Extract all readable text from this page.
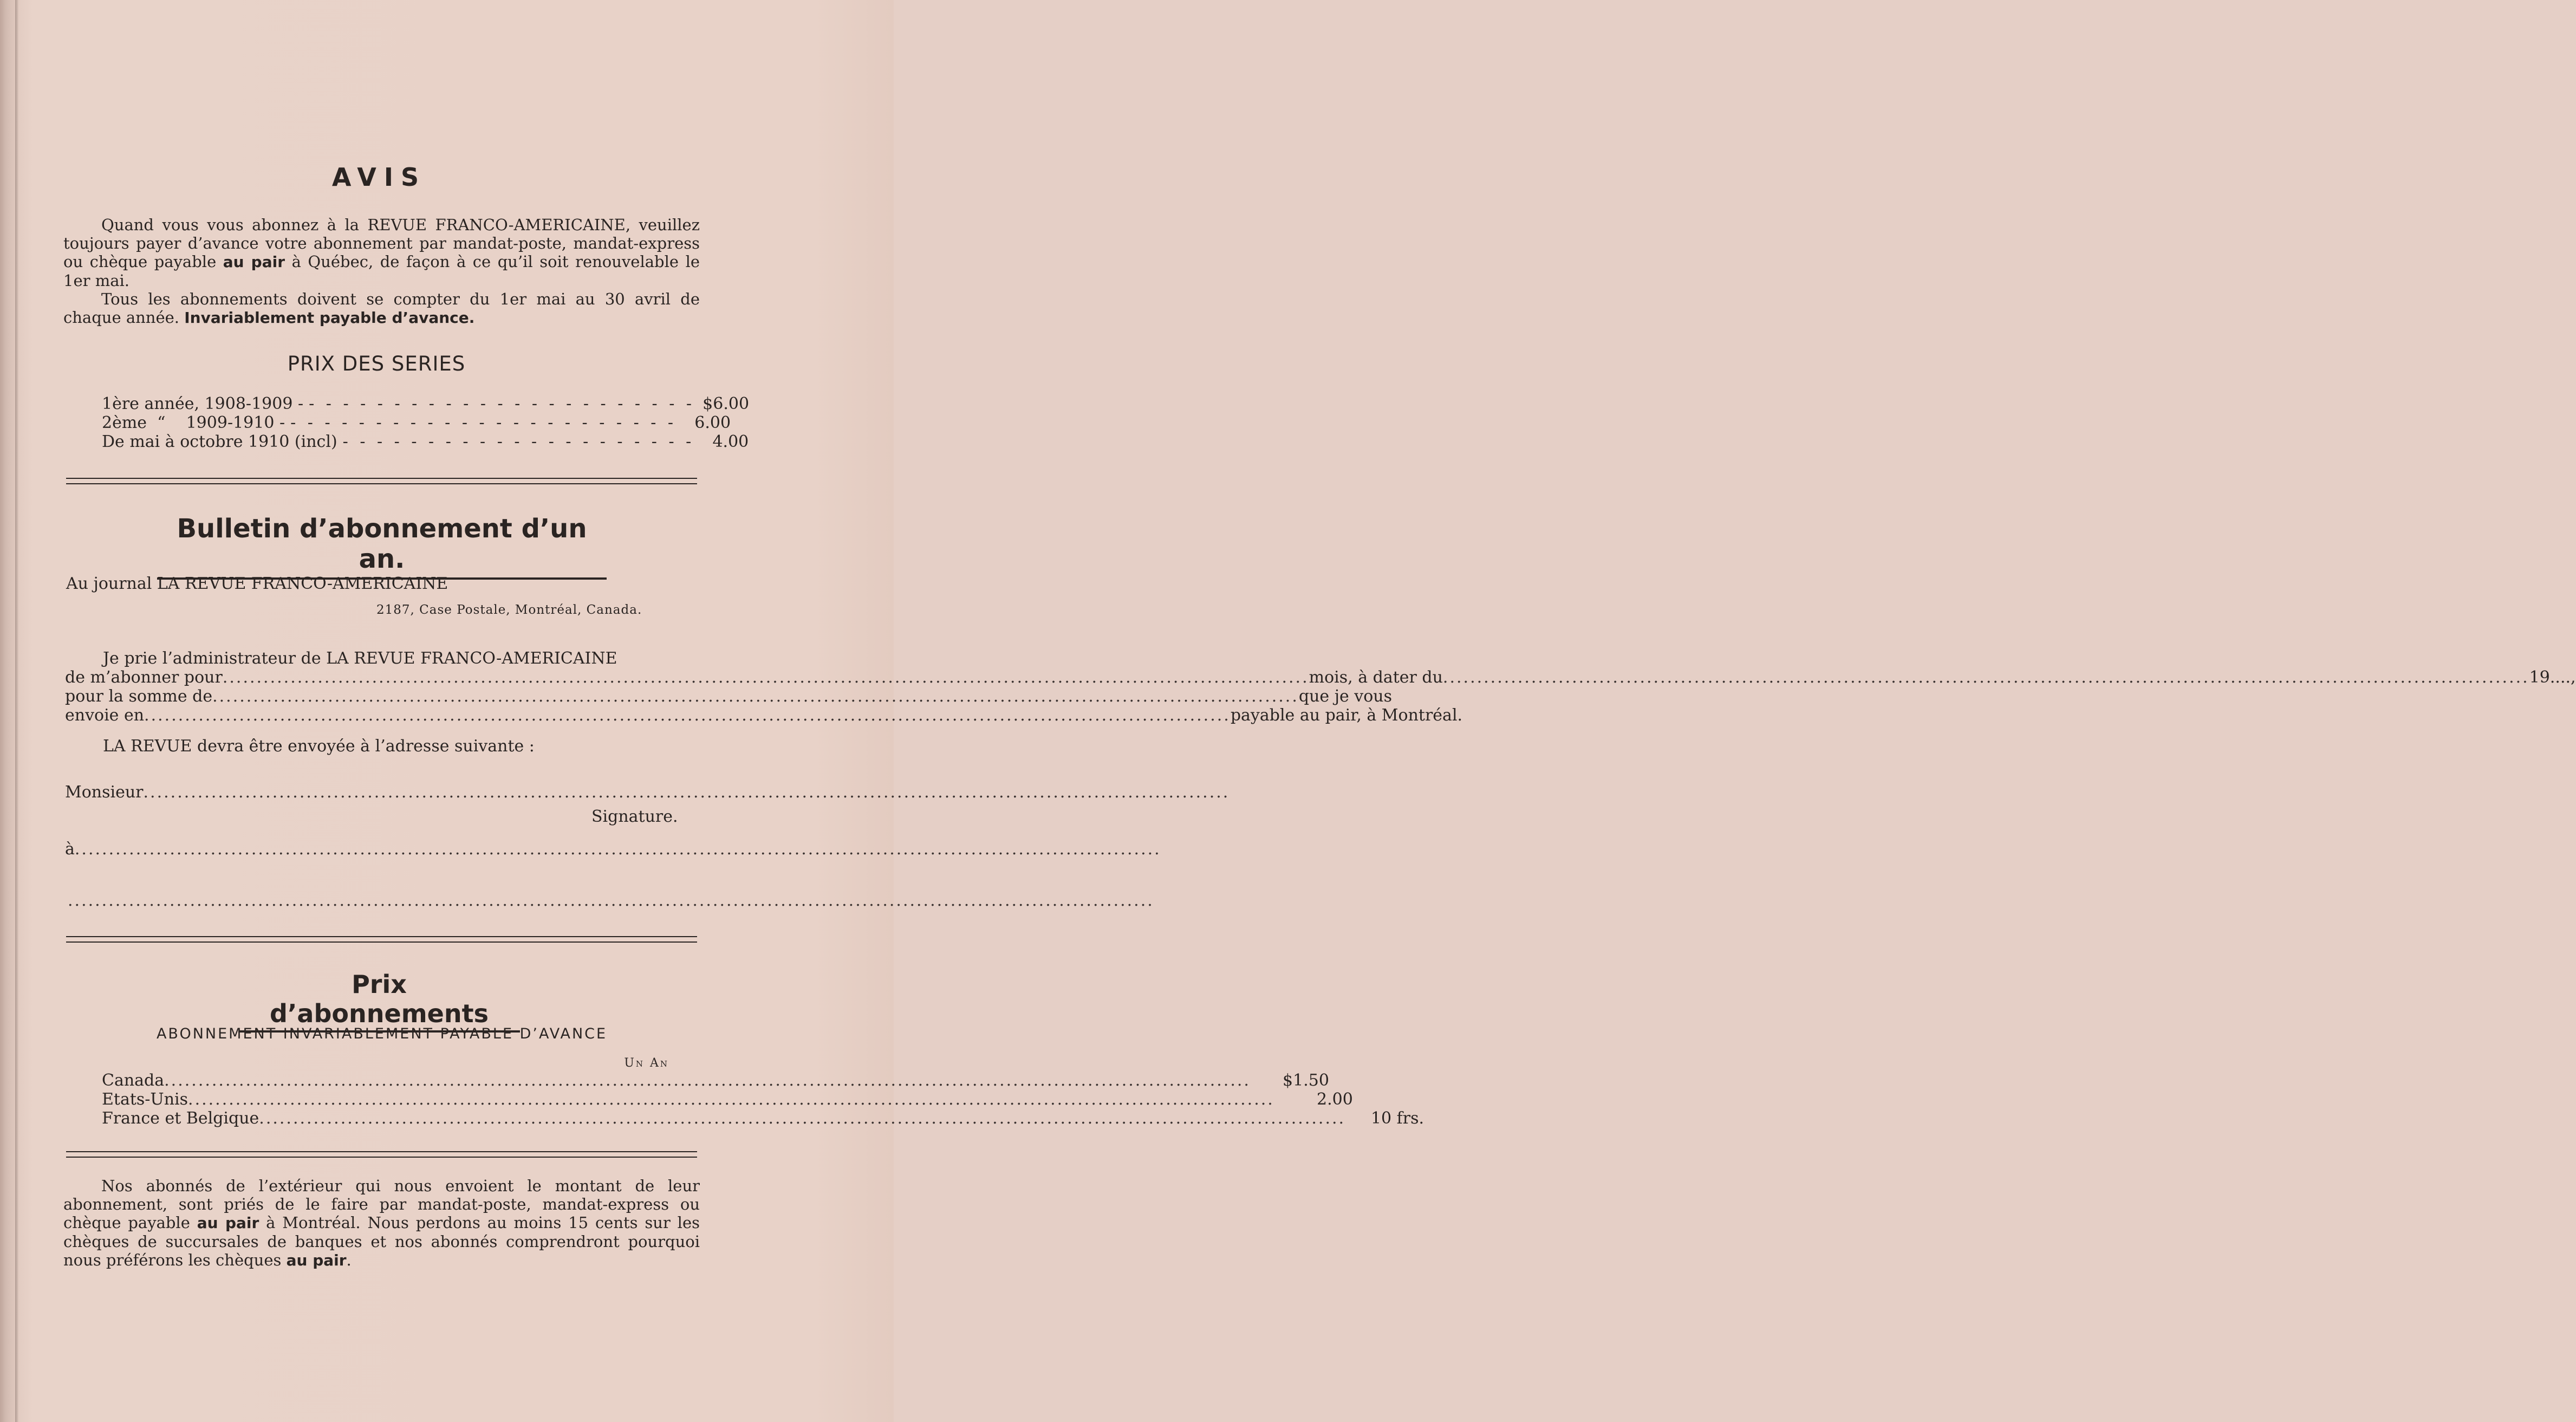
AVIS

Quand vous vous abonnez à la REVUE FRANCO-AMERICAINE, veuillez toujours payer d’avance votre abonnement par mandat-poste, mandat-express ou chèque payable au pair à Québec, de façon à ce qu’il soit renouvelable le 1er mai.

Tous les abonnements doivent se compter du 1er mai au 30 avril de chaque année. Invariablement payable d’avance.

PRIX DES SERIES
1ère année, 1908-1909 - - - - - - - - - - - - - - - - - - - - - - - - $6.00
2ème  “    1909-1910 - - - - - - - - - - - - - - - - - - - - - - - -	6.00
De mai à octobre 1910 (incl) - - - - - - - - - - - - - - - - - - - - -	4.00
Bulletin d’abonnement d’un an.
Au journal LA REVUE FRANCO-AMERICAINE
2187, Case Postale, Montréal, Canada.
Je prie l’administrateur de LA REVUE FRANCO-AMERICAINE
de m’abonner pour ................................................................................................................................................................ mois, à dater du ................................................................................................................................................................ 19....,
pour la somme de ................................................................................................................................................................ que je vous
envoie en ................................................................................................................................................................ payable au pair, à Montréal.
LA REVUE devra être envoyée à l’adresse suivante :
Monsieur ................................................................................................................................................................
Signature.
à ................................................................................................................................................................
................................................................................................................................................................
Prix d’abonnements
ABONNEMENT INVARIABLEMENT PAYABLE D’AVANCE
Un An
Canada ................................................................................................................................................................	$1.50
Etats-Unis ................................................................................................................................................................	2.00
France et Belgique ................................................................................................................................................................	10 frs.

Nos abonnés de l’extérieur qui nous envoient le montant de leur abonnement, sont priés de le faire par mandat-poste, mandat-express ou chèque payable au pair à Montréal. Nous perdons au moins 15 cents sur les chèques de succursales de banques et nos abonnés comprendront pourquoi nous préférons les chèques au pair.
